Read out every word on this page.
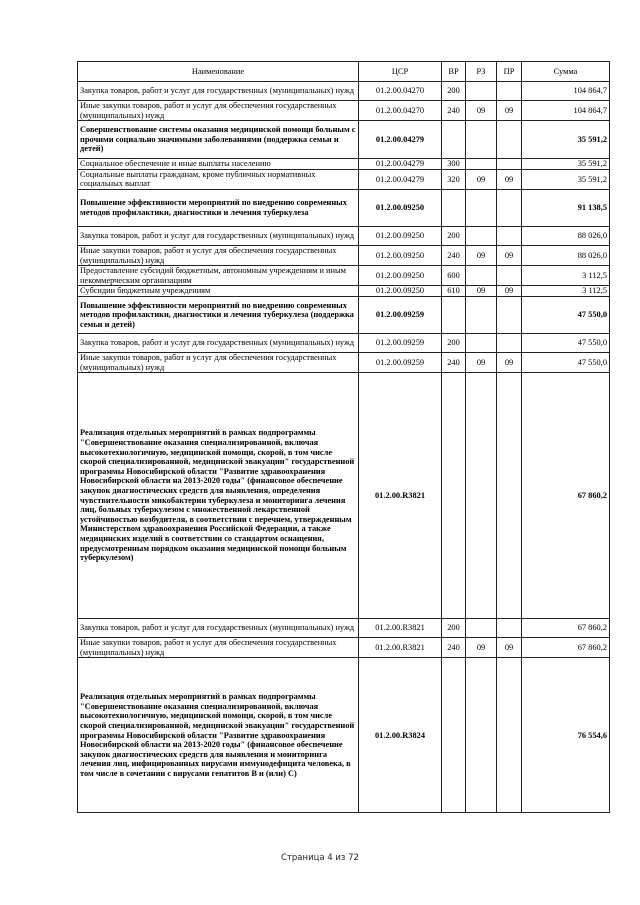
Наименование	ЦСР	ВР	РЗ	ПР	Сумма
Закупка товаров, работ и услуг для государственных (муниципальных) нужд	01.2.00.04270	200			104 864,7
Иные закупки товаров, работ и услуг для обеспечения государственных (муниципальных) нужд	01.2.00.04270	240	09	09	104 864,7
Совершенствование системы оказания медицинской помощи больным с прочими социально значимыми заболеваниями (поддержка семьи и детей)	01.2.00.04279				35 591,2
Социальное обеспечение и иные выплаты населению	01.2.00.04279	300			35 591,2
Социальные выплаты гражданам, кроме публичных нормативных социальных выплат	01.2.00.04279	320	09	09	35 591,2
Повышение эффективности мероприятий по внедрению современных методов профилактики, диагностики и лечения туберкулеза	01.2.00.09250				91 138,5
Закупка товаров, работ и услуг для государственных (муниципальных) нужд	01.2.00.09250	200			88 026,0
Иные закупки товаров, работ и услуг для обеспечения государственных (муниципальных) нужд	01.2.00.09250	240	09	09	88 026,0
Предоставление субсидий бюджетным, автономным учреждениям и иным некоммерческим организациям	01.2.00.09250	600			3 112,5
Субсидии бюджетным учреждениям	01.2.00.09250	610	09	09	3 112,5
Повышение эффективности мероприятий по внедрению современных методов профилактики, диагностики и лечения туберкулеза (поддержка семьи и детей)	01.2.00.09259				47 550,0
Закупка товаров, работ и услуг для государственных (муниципальных) нужд	01.2.00.09259	200			47 550,0
Иные закупки товаров, работ и услуг для обеспечения государственных (муниципальных) нужд	01.2.00.09259	240	09	09	47 550,0
Реализация отдельных мероприятий в рамках подпрограммы "Совершенствование оказания специализированной, включая высокотехнологичную, медицинской помощи, скорой, в том числе скорой специализированной, медицинской эвакуации" государственной программы Новосибирской области "Развитие здравоохранения Новосибирской области на 2013-2020 годы" (финансовое обеспечение закупок диагностических средств для выявления, определения чувствительности микобактерии туберкулеза и мониторинга лечения лиц, больных туберкулезом с множественной лекарственной устойчивостью возбудителя, в соответствии с перечнем, утвержденным Министерством здравоохранения Российской Федерации, а также медицинских изделий в соответствии со стандартом оснащения, предусмотренным порядком оказания медицинской помощи больным туберкулезом)	01.2.00.R3821				67 860,2
Закупка товаров, работ и услуг для государственных (муниципальных) нужд	01.2.00.R3821	200			67 860,2
Иные закупки товаров, работ и услуг для обеспечения государственных (муниципальных) нужд	01.2.00.R3821	240	09	09	67 860,2
Реализация отдельных мероприятий в рамках подпрограммы "Совершенствование оказания специализированной, включая высокотехнологичную, медицинской помощи, скорой, в том числе скорой специализированной, медицинской эвакуации" государственной программы Новосибирской области "Развитие здравоохранения Новосибирской области на 2013-2020 годы" (финансовое обеспечение закупок диагностических средств для выявления и мониторинга лечения лиц, инфицированных вирусами иммунодефицита человека, в том числе в сочетании с вирусами гепатитов В и (или) С)	01.2.00.R3824				76 554,6
Страница 4 из 72
